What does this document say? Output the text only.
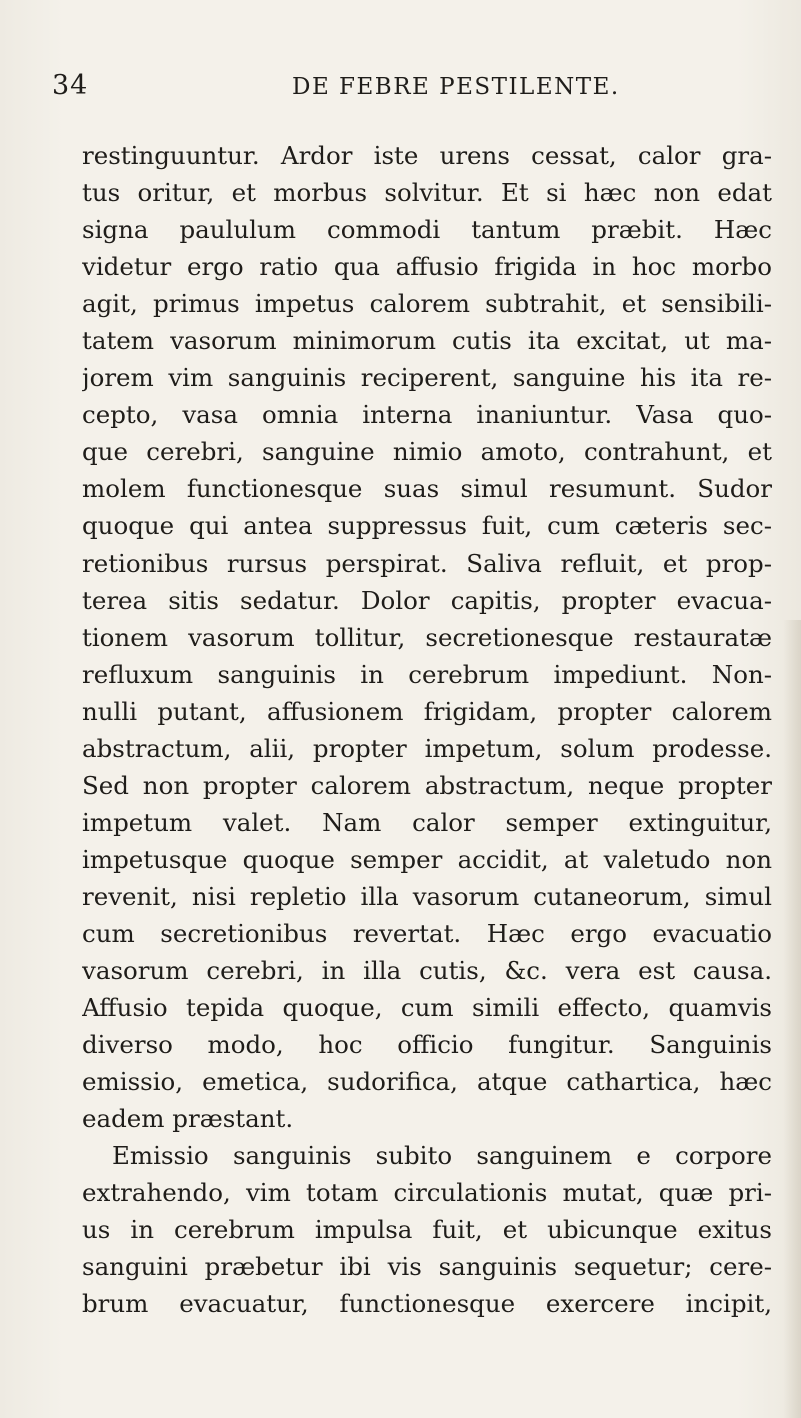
34	DE FEBRE PESTILENTE.
restinguuntur. Ardor iste urens cessat, calor gra-
tus oritur, et morbus solvitur. Et si hæc non edat
signa paululum commodi tantum præbit. Hæc
videtur ergo ratio qua affusio frigida in hoc morbo
agit, primus impetus calorem subtrahit, et sensibili-
tatem vasorum minimorum cutis ita excitat, ut ma-
jorem vim sanguinis reciperent, sanguine his ita re-
cepto, vasa omnia interna inaniuntur. Vasa quo-
que cerebri, sanguine nimio amoto, contrahunt, et
molem functionesque suas simul resumunt. Sudor
quoque qui antea suppressus fuit, cum cæteris sec-
retionibus rursus perspirat. Saliva refluit, et prop-
terea sitis sedatur. Dolor capitis, propter evacua-
tionem vasorum tollitur, secretionesque restauratæ
refluxum sanguinis in cerebrum impediunt. Non-
nulli putant, affusionem frigidam, propter calorem
abstractum, alii, propter impetum, solum prodesse.
Sed non propter calorem abstractum, neque propter
impetum valet. Nam calor semper extinguitur,
impetusque quoque semper accidit, at valetudo non
revenit, nisi repletio illa vasorum cutaneorum, simul
cum secretionibus revertat. Hæc ergo evacuatio
vasorum cerebri, in illa cutis, &c. vera est causa.
Affusio tepida quoque, cum simili effecto, quamvis
diverso modo, hoc officio fungitur. Sanguinis
emissio, emetica, sudorifica, atque cathartica, hæc
eadem præstant.
Emissio sanguinis subito sanguinem e corpore
extrahendo, vim totam circulationis mutat, quæ pri-
us in cerebrum impulsa fuit, et ubicunque exitus
sanguini præbetur ibi vis sanguinis sequetur; cere-
brum evacuatur, functionesque exercere incipit,
